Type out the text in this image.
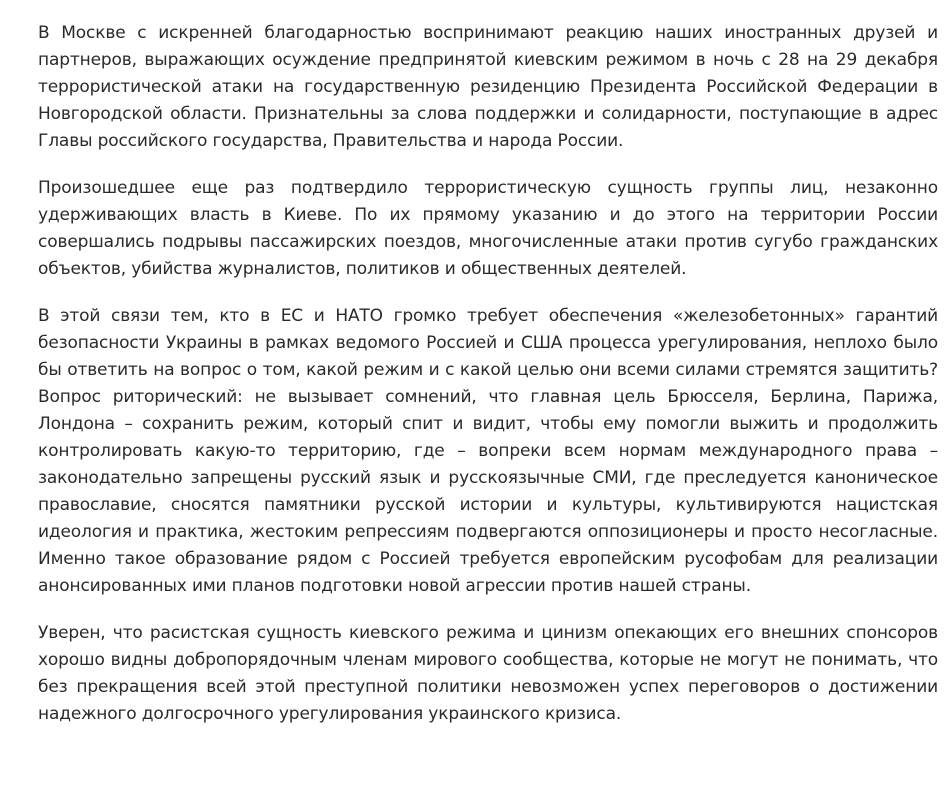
В Москве с искренней благодарностью воспринимают реакцию наших иностранных друзей и партнеров, выражающих осуждение предпринятой киевским режимом в ночь с 28 на 29 декабря террористической атаки на государственную резиденцию Президента Российской Федерации в Новгородской области. Признательны за слова поддержки и солидарности, поступающие в адрес Главы российского государства, Правительства и народа России.

Произошедшее еще раз подтвердило террористическую сущность группы лиц, незаконно удерживающих власть в Киеве. По их прямому указанию и до этого на территории России совершались подрывы пассажирских поездов, многочисленные атаки против сугубо гражданских объектов, убийства журналистов, политиков и общественных деятелей.

В этой связи тем, кто в ЕС и НАТО громко требует обеспечения «железобетонных» гарантий безопасности Украины в рамках ведомого Россией и США процесса урегулирования, неплохо было бы ответить на вопрос о том, какой режим и с какой целью они всеми силами стремятся защитить? Вопрос риторический: не вызывает сомнений, что главная цель Брюсселя, Берлина, Парижа, Лондона – сохранить режим, который спит и видит, чтобы ему помогли выжить и продолжить контролировать какую-то территорию, где – вопреки всем нормам международного права – законодательно запрещены русский язык и русскоязычные СМИ, где преследуется каноническое православие, сносятся памятники русской истории и культуры, культивируются нацистская идеология и практика, жестоким репрессиям подвергаются оппозиционеры и просто несогласные. Именно такое образование рядом с Россией требуется европейским русофобам для реализации анонсированных ими планов подготовки новой агрессии против нашей страны.

Уверен, что расистская сущность киевского режима и цинизм опекающих его внешних спонсоров хорошо видны добропорядочным членам мирового сообщества, которые не могут не понимать, что без прекращения всей этой преступной политики невозможен успех переговоров о достижении надежного долгосрочного урегулирования украинского кризиса.
